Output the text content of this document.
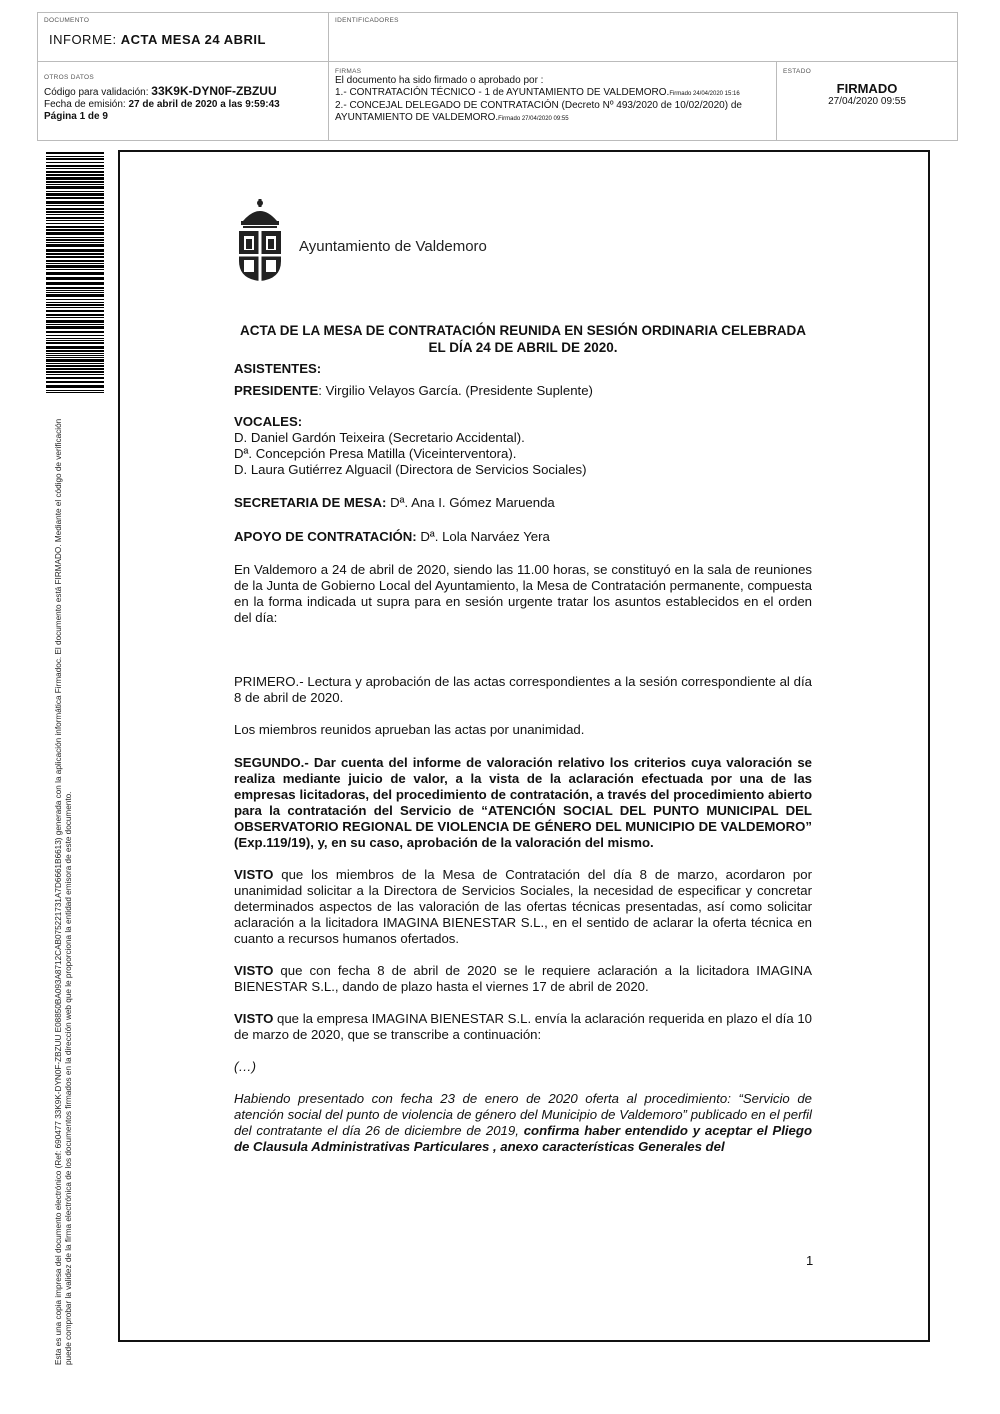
DOCUMENTO
INFORME: ACTA MESA 24 ABRIL
IDENTIFICADORES
OTROS DATOS
Código para validación: 33K9K-DYN0F-ZBZUU
Fecha de emisión: 27 de abril de 2020 a las 9:59:43
Página 1 de 9
FIRMAS
El documento ha sido firmado o aprobado por :
1.- CONTRATACIÓN TÉCNICO - 1 de AYUNTAMIENTO DE VALDEMORO.Firmado 24/04/2020 15:16
2.- CONCEJAL DELEGADO DE CONTRATACIÓN (Decreto Nº 493/2020 de 10/02/2020) de
AYUNTAMIENTO DE VALDEMORO.Firmado 27/04/2020 09:55
ESTADO
FIRMADO
27/04/2020 09:55
Esta es una copia impresa del documento electrónico (Ref: 690477 33K9K-DYN0F-ZBZUU E08850BA093A8712CAB075221731A7D6661B6613) generada con la aplicación informática Firmadoc. El documento está FIRMADO. Mediante el código de verificación puede comprobar la validez de la firma electrónica de los documentos firmados en la dirección web que le proporciona la entidad emisora de este documento.
Ayuntamiento de Valdemoro

ACTA DE LA MESA DE CONTRATACIÓN REUNIDA EN SESIÓN ORDINARIA CELEBRADA

EL DÍA 24 DE ABRIL DE 2020.

ASISTENTES:

PRESIDENTE: Virgilio Velayos García. (Presidente Suplente)

VOCALES:

D. Daniel Gardón Teixeira (Secretario Accidental).

Dª. Concepción Presa Matilla (Viceinterventora).

D. Laura Gutiérrez Alguacil (Directora de Servicios Sociales)

SECRETARIA DE MESA: Dª. Ana I. Gómez Maruenda

APOYO DE CONTRATACIÓN: Dª. Lola Narváez Yera

En Valdemoro a 24 de abril de 2020, siendo las 11.00 horas, se constituyó en la sala de reuniones de la Junta de Gobierno Local del Ayuntamiento, la Mesa de Contratación permanente, compuesta en la forma indicada ut supra para en sesión urgente tratar los asuntos establecidos en el orden del día:

PRIMERO.- Lectura y aprobación de las actas correspondientes a la sesión correspondiente al día 8 de abril de 2020.

Los miembros reunidos aprueban las actas por unanimidad.

SEGUNDO.- Dar cuenta del informe de valoración relativo los criterios cuya valoración se realiza mediante juicio de valor, a la vista de la aclaración efectuada por una de las empresas licitadoras, del procedimiento de contratación, a través del procedimiento abierto para la contratación del Servicio de “ATENCIÓN SOCIAL DEL PUNTO MUNICIPAL DEL OBSERVATORIO REGIONAL DE VIOLENCIA DE GÉNERO DEL MUNICIPIO DE VALDEMORO” (Exp.119/19), y, en su caso, aprobación de la valoración del mismo.

VISTO que los miembros de la Mesa de Contratación del día 8 de marzo, acordaron por unanimidad solicitar a la Directora de Servicios Sociales, la necesidad de especificar y concretar determinados aspectos de las valoración de las ofertas técnicas presentadas, así como solicitar aclaración a la licitadora IMAGINA BIENESTAR S.L., en el sentido de aclarar la oferta técnica en cuanto a recursos humanos ofertados.

VISTO que con fecha 8 de abril de 2020 se le requiere aclaración a la licitadora IMAGINA BIENESTAR S.L., dando de plazo hasta el viernes 17 de abril de 2020.

VISTO que la empresa IMAGINA BIENESTAR S.L. envía la aclaración requerida en plazo el día 10 de marzo de 2020, que se transcribe a continuación:

(…)

Habiendo presentado con fecha 23 de enero de 2020 oferta al procedimiento: “Servicio de atención social del punto de violencia de género del Municipio de Valdemoro” publicado en el perfil del contratante el día 26 de diciembre de 2019, confirma haber entendido y aceptar el Pliego de Clausula Administrativas Particulares , anexo características Generales del

1
